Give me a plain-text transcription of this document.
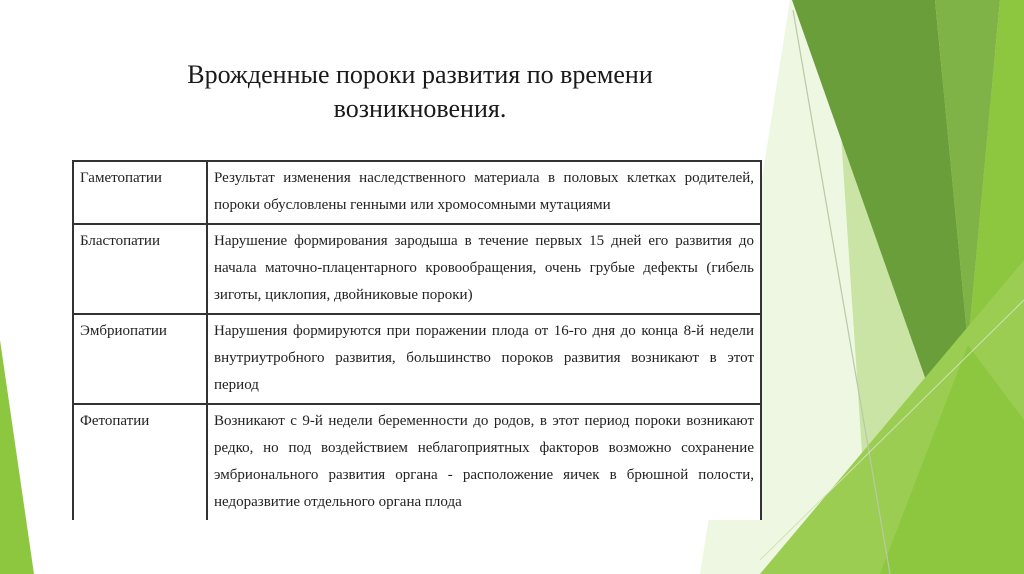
Врожденные пороки развития по времени
возникновения.
Гаметопатии	Результат изменения наследственного материала в половых клетках родителей, пороки обусловлены генными или хромосомными мутациями
Бластопатии	Нарушение формирования зародыша в течение первых 15 дней его развития до начала маточно-плацентарного кровообращения, очень грубые дефекты (гибель зиготы, циклопия, двойниковые пороки)
Эмбриопатии	Нарушения формируются при поражении плода от 16-го дня до конца 8-й недели внутриутробного развития, большинство пороков развития возникают в этот период
Фетопатии	Возникают с 9-й недели беременности до родов, в этот период пороки возникают редко, но под воздействием неблагоприятных факторов возможно сохранение эмбрионального развития органа - расположение яичек в брюшной полости, недоразвитие отдельного органа плода
